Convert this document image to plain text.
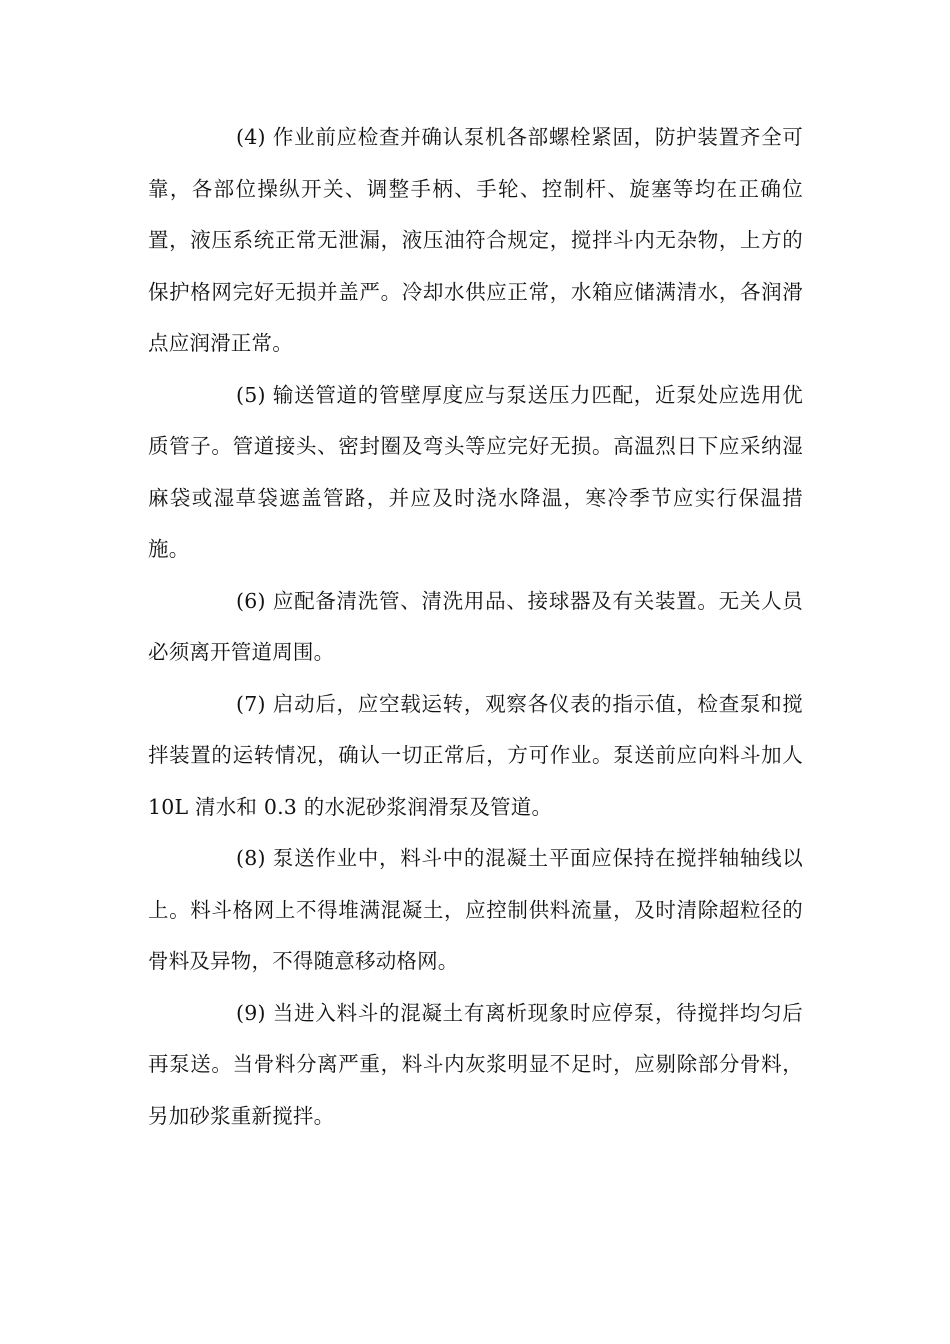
(4) 作业前应检查并确认泵机各部螺栓紧固，防护装置齐全可靠，各部位操纵开关、调整手柄、手轮、控制杆、旋塞等均在正确位置，液压系统正常无泄漏，液压油符合规定，搅拌斗内无杂物，上方的保护格网完好无损并盖严。冷却水供应正常，水箱应储满清水，各润滑点应润滑正常。

(5) 输送管道的管壁厚度应与泵送压力匹配，近泵处应选用优质管子。管道接头、密封圈及弯头等应完好无损。高温烈日下应采纳湿麻袋或湿草袋遮盖管路，并应及时浇水降温，寒冷季节应实行保温措施。

(6) 应配备清洗管、清洗用品、接球器及有关装置。无关人员必须离开管道周围。

(7) 启动后，应空载运转，观察各仪表的指示值，检查泵和搅拌装置的运转情况，确认一切正常后，方可作业。泵送前应向料斗加人 10L 清水和 0.3 的水泥砂浆润滑泵及管道。

(8) 泵送作业中，料斗中的混凝土平面应保持在搅拌轴轴线以上。料斗格网上不得堆满混凝土，应控制供料流量，及时清除超粒径的骨料及异物，不得随意移动格网。

(9) 当进入料斗的混凝土有离析现象时应停泵，待搅拌均匀后再泵送。当骨料分离严重，料斗内灰浆明显不足时，应剔除部分骨料，另加砂浆重新搅拌。
